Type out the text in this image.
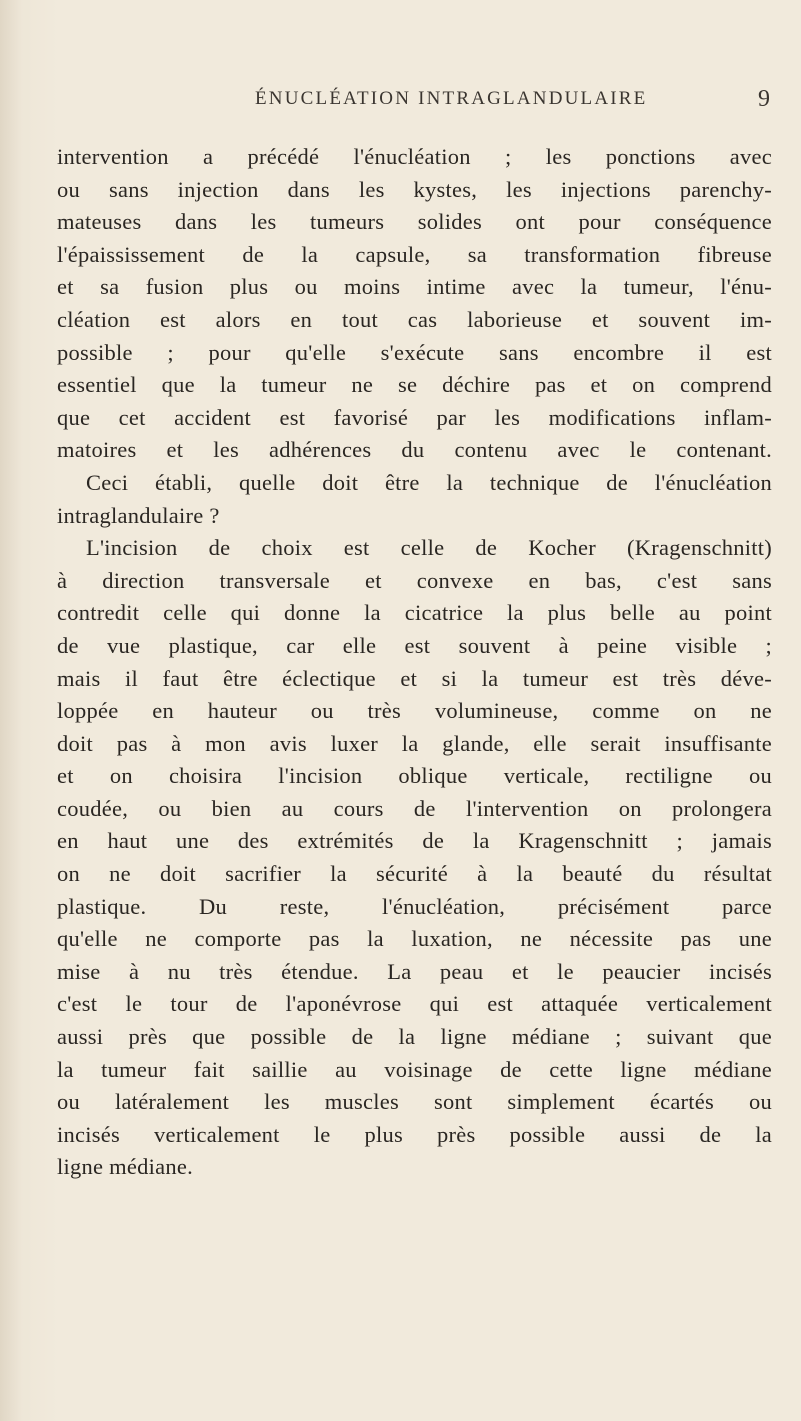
ÉNUCLÉATION INTRAGLANDULAIRE	9
intervention a précédé l'énucléation ; les ponctions avec
ou sans injection dans les kystes, les injections parenchy-
mateuses dans les tumeurs solides ont pour conséquence
l'épaississement de la capsule, sa transformation fibreuse
et sa fusion plus ou moins intime avec la tumeur, l'énu-
cléation est alors en tout cas laborieuse et souvent im-
possible ; pour qu'elle s'exécute sans encombre il est
essentiel que la tumeur ne se déchire pas et on comprend
que cet accident est favorisé par les modifications inflam-
matoires et les adhérences du contenu avec le contenant.
Ceci établi, quelle doit être la technique de l'énucléation
intraglandulaire ?
L'incision de choix est celle de Kocher (Kragenschnitt)
à direction transversale et convexe en bas, c'est sans
contredit celle qui donne la cicatrice la plus belle au point
de vue plastique, car elle est souvent à peine visible ;
mais il faut être éclectique et si la tumeur est très déve-
loppée en hauteur ou très volumineuse, comme on ne
doit pas à mon avis luxer la glande, elle serait insuffisante
et on choisira l'incision oblique verticale, rectiligne ou
coudée, ou bien au cours de l'intervention on prolongera
en haut une des extrémités de la Kragenschnitt ; jamais
on ne doit sacrifier la sécurité à la beauté du résultat
plastique. Du reste, l'énucléation, précisément parce
qu'elle ne comporte pas la luxation, ne nécessite pas une
mise à nu très étendue. La peau et le peaucier incisés
c'est le tour de l'aponévrose qui est attaquée verticalement
aussi près que possible de la ligne médiane ; suivant que
la tumeur fait saillie au voisinage de cette ligne médiane
ou latéralement les muscles sont simplement écartés ou
incisés verticalement le plus près possible aussi de la
ligne médiane.
